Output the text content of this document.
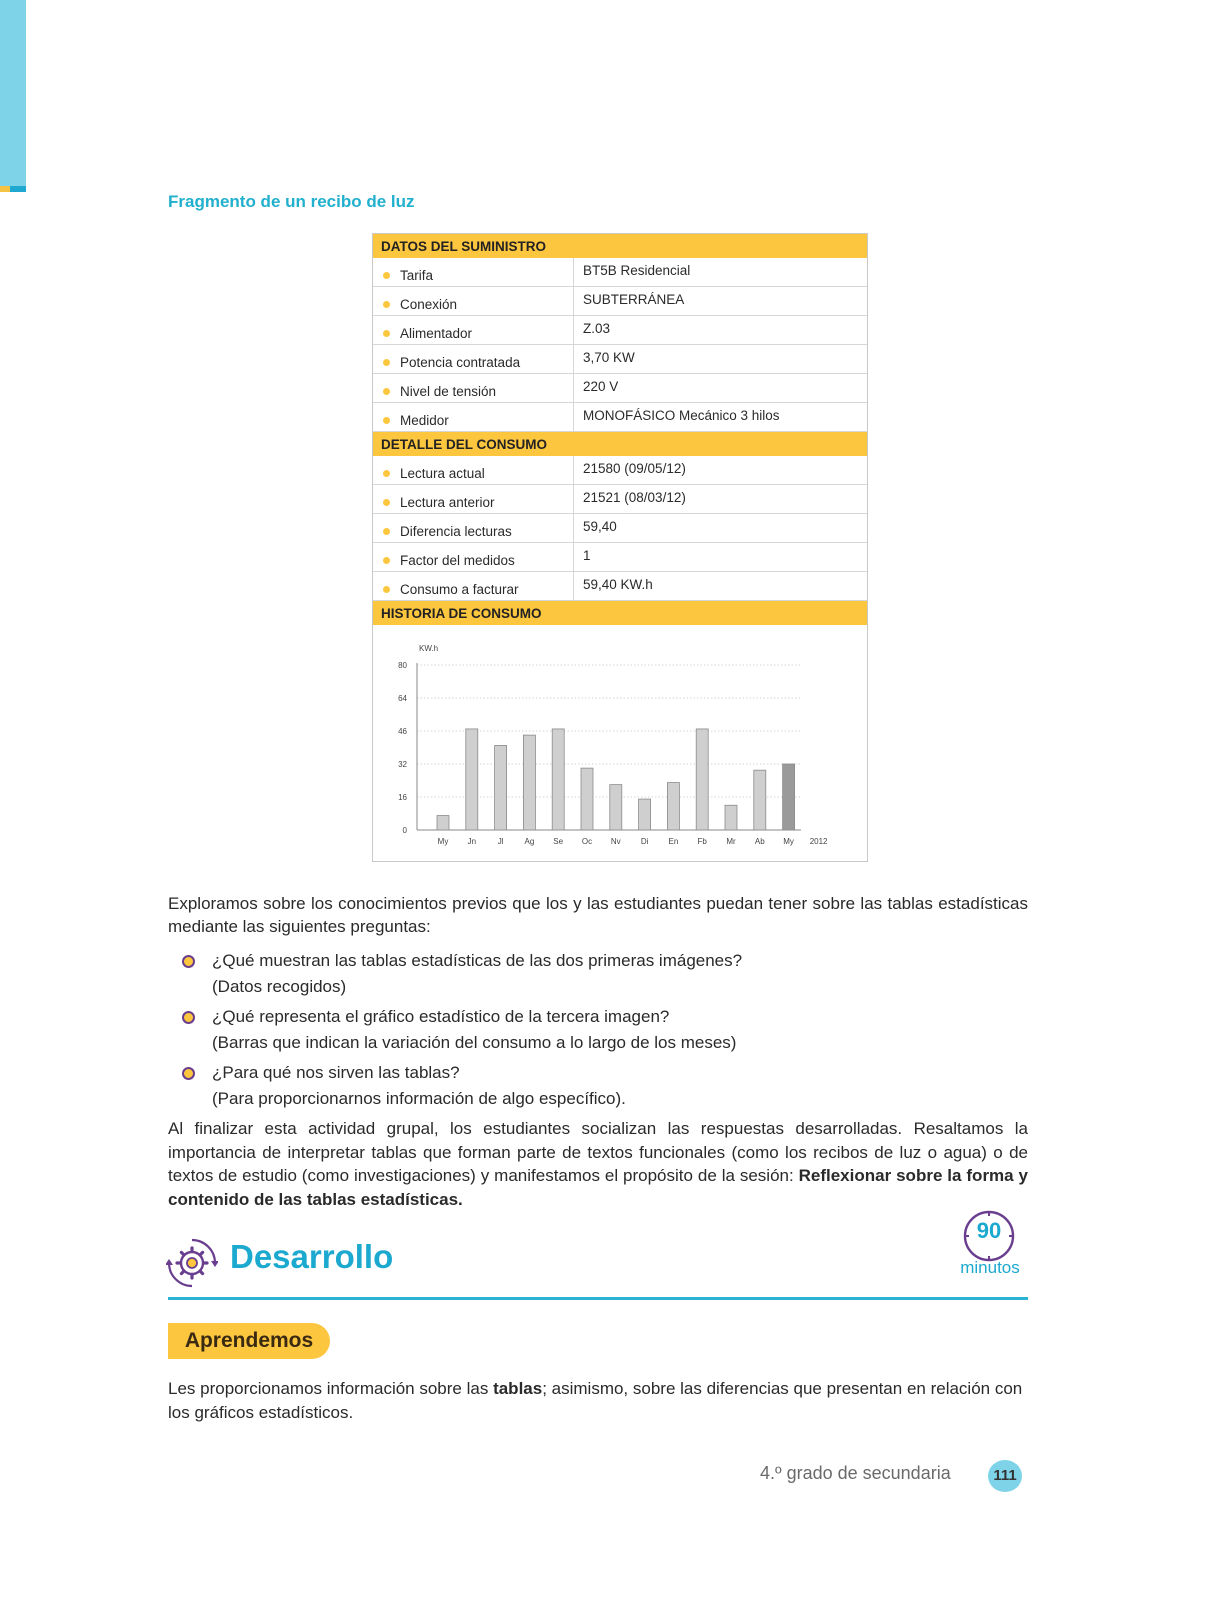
Fragmento de un recibo de luz
DATOS DEL SUMINISTRO
Tarifa	BT5B Residencial
Conexión	SUBTERRÁNEA
Alimentador	Z.03
Potencia contratada	3,70 KW
Nivel de tensión	220 V
Medidor	MONOFÁSICO Mecánico 3 hilos
DETALLE DEL CONSUMO
Lectura actual	21580 (09/05/12)
Lectura anterior	21521 (08/03/12)
Diferencia lecturas	59,40
Factor del medidos	1
Consumo a facturar	59,40 KW.h
HISTORIA DE CONSUMO
KW.h
0
16
32
46
64
80
My Jn	Jl	Ag Se Oc Nv	Di	En Fb Mr Ab My 2012
Exploramos sobre los conocimientos previos que los y las estudiantes puedan tener sobre las tablas estadísticas mediante las siguientes preguntas:
¿Qué muestran las tablas estadísticas de las dos primeras imágenes?
(Datos recogidos)
¿Qué representa el gráfico estadístico de la tercera imagen?
(Barras que indican la variación del consumo a lo largo de los meses)
¿Para qué nos sirven las tablas?
(Para proporcionarnos información de algo específico).
Al finalizar esta actividad grupal, los estudiantes socializan las respuestas desarrolladas. Resaltamos la importancia de interpretar tablas que forman parte de textos funcionales (como los recibos de luz o agua) o de textos de estudio (como investigaciones) y manifestamos el propósito de la sesión: Reflexionar sobre la forma y contenido de las tablas estadísticas.
Desarrollo
90
minutos
Aprendemos
Les proporcionamos información sobre las tablas; asimismo, sobre las diferencias que presentan en relación con los gráficos estadísticos.
4.º grado de secundaria	111
